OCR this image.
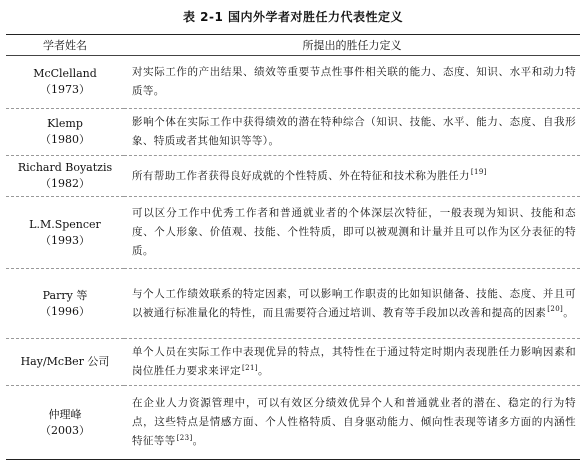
表 2-1 国内外学者对胜任力代表性定义
学者姓名	所提出的胜任力定义

McClelland
（1973）	对实际工作的产出结果、绩效等重要节点性事件相关联的能力、态度、知识、水平和动力特质等。

Klemp
（1980）	影响个体在实际工作中获得绩效的潜在特种综合（知识、技能、水平、能力、态度、自我形象、特质或者其他知识等等）。

Richard Boyatzis
（1982）	所有帮助工作者获得良好成就的个性特质、外在特征和技术称为胜任力[19]

L.M.Spencer
（1993）	可以区分工作中优秀工作者和普通就业者的个体深层次特征，一般表现为知识、技能和态度、个人形象、价值观、技能、个性特质，即可以被观测和计量并且可以作为区分表征的特质。

Parry 等
（1996）	与个人工作绩效联系的特定因素，可以影响工作职责的比如知识储备、技能、态度、并且可以被通行标准量化的特性，而且需要符合通过培训、教育等手段加以改善和提高的因素[20]。

Hay/McBer 公司	单个人员在实际工作中表现优异的特点，其特性在于通过特定时期内表现胜任力影响因素和岗位胜任力要求来评定[21]。

仲理峰
（2003）	在企业人力资源管理中，可以有效区分绩效优异个人和普通就业者的潜在、稳定的行为特点，这些特点是情感方面、个人性格特质、自身驱动能力、倾向性表现等诸多方面的内涵性特征等等[23]。
